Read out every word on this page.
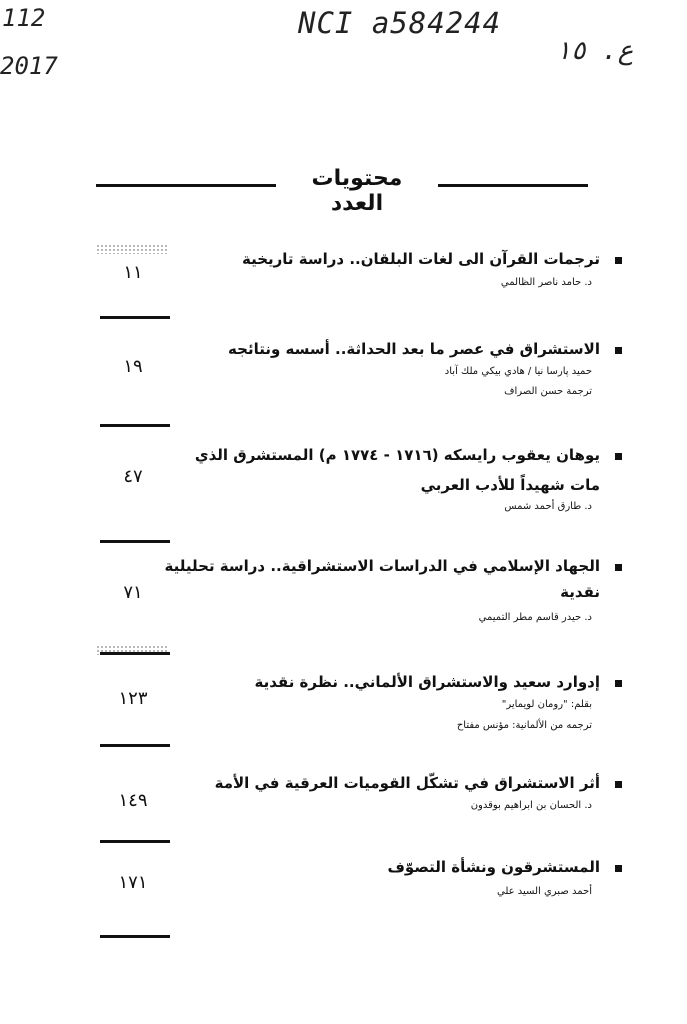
112	NCI a584244
2017	ع. ١٥
محتويات العدد
١١
ترجمات القرآن الى لغات البلقان.. دراسة تاريخية
د. حامد ناصر الظالمي
١٩
الاستشراق في عصر ما بعد الحداثة.. أسسه ونتائجه
حميد پارسا نيا / هادي بيكي ملك آباد
ترجمة حسن الصراف
٤٧
يوهان يعقوب رايسكه (١٧١٦ - ١٧٧٤ م) المستشرق الذي
مات شهيداً للأدب العربي
د. طارق أحمد شمس
٧١
الجهاد الإسلامي في الدراسات الاستشراقية.. دراسة تحليلية
نقدية
د. حيدر قاسم مطر التميمي
١٢٣
إدوارد سعيد والاستشراق الألماني.. نظرة نقدية
بقلم: "رومان لويماير"
ترجمه من الألمانية: مؤنس مفتاح
١٤٩
أثر الاستشراق في تشكّل القوميات العرقية في الأمة
د. الحسان بن ابراهيم بوقدون
١٧١
المستشرقون ونشأة التصوّف
أحمد صبري السيد علي
